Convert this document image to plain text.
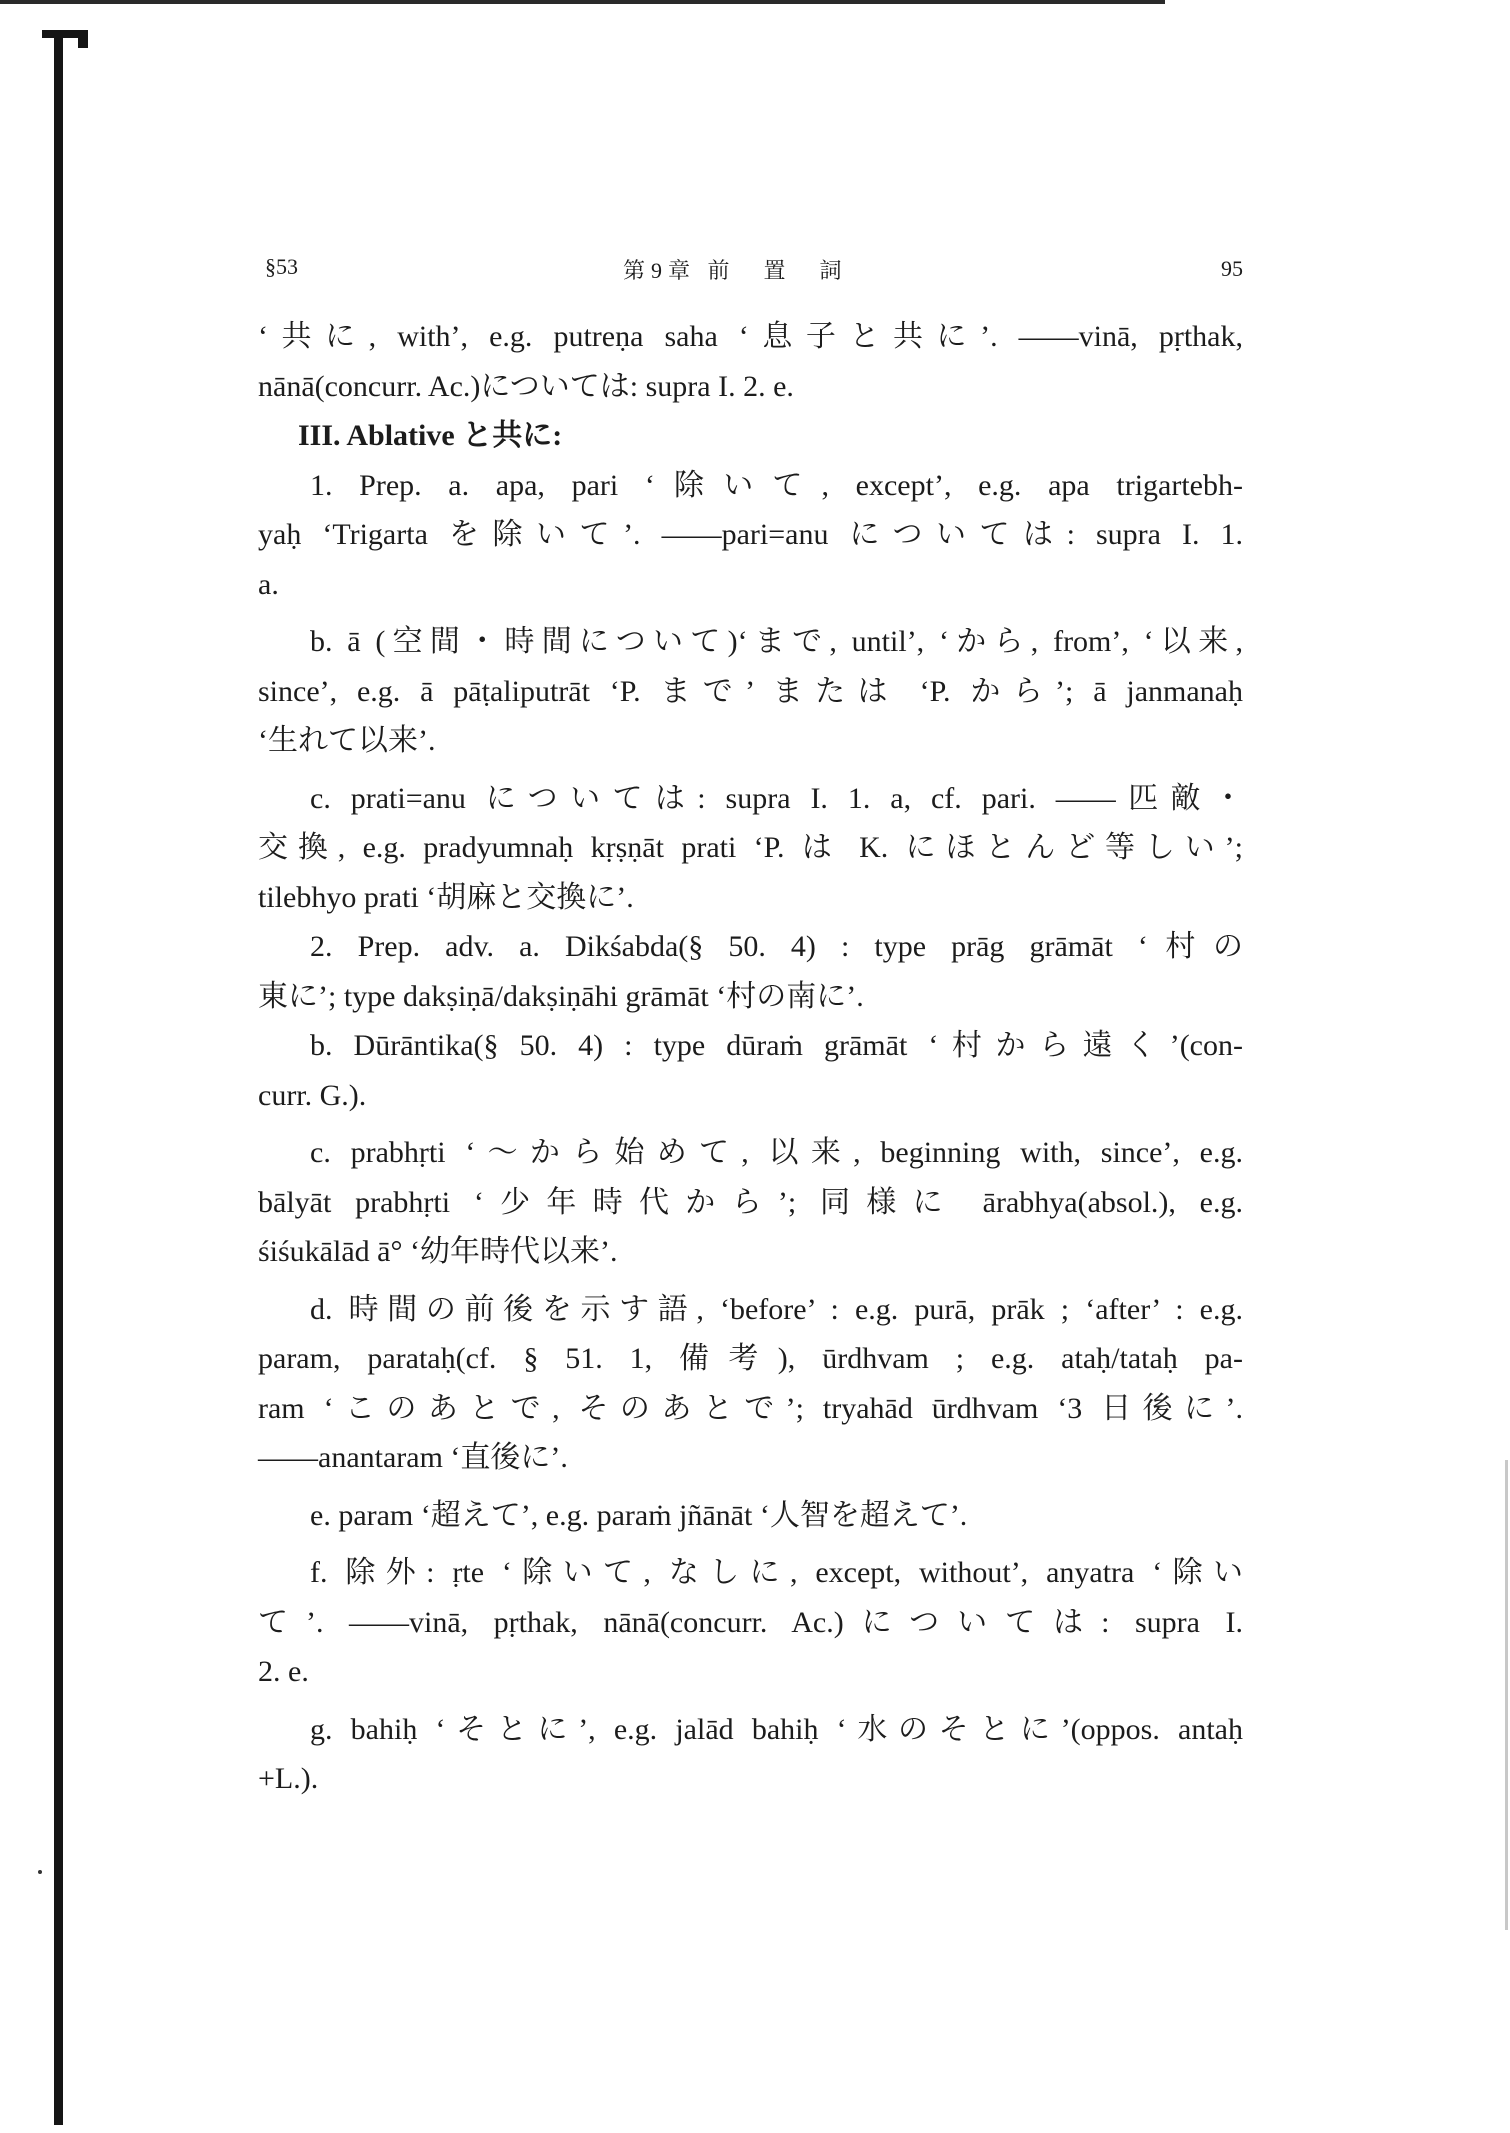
§53	第9章 前　置　詞	95
‘共に, with’, e.g. putreṇa saha ‘息子と共に’. ——vinā, pṛthak,
nānā(concurr. Ac.)については: supra I. 2. e.
III. Ablative と共に:
1. Prep. a. apa, pari ‘除いて, except’, e.g. apa trigartebh-
yaḥ ‘Trigarta を除いて’. ——pari=anu については: supra I. 1.
a.
b. ā (空間・時間について)‘まで, until’, ‘から, from’, ‘以来,
since’, e.g. ā pāṭaliputrāt ‘P. まで’ または ‘P. から’; ā janmanaḥ
‘生れて以来’.
c. prati=anu については: supra I. 1. a, cf. pari. ——匹敵・
交換, e.g. pradyumnaḥ kṛṣṇāt prati ‘P. は K. にほとんど等しい’;
tilebhyo prati ‘胡麻と交換に’.
2. Prep. adv. a. Dikśabda(§ 50. 4) : type prāg grāmāt ‘村の
東に’; type dakṣiṇā/dakṣiṇāhi grāmāt ‘村の南に’.
b. Dūrāntika(§ 50. 4) : type dūraṁ grāmāt ‘村から遠く’(con-
curr. G.).
c. prabhṛti ‘～から始めて, 以来, beginning with, since’, e.g.
bālyāt prabhṛti ‘少年時代から’; 同様に ārabhya(absol.), e.g.
śiśukālād ā° ‘幼年時代以来’.
d. 時間の前後を示す語, ‘before’ : e.g. purā, prāk ; ‘after’ : e.g.
param, parataḥ(cf. § 51. 1, 備考), ūrdhvam ; e.g. ataḥ/tataḥ pa-
ram ‘このあとで, そのあとで’; tryahād ūrdhvam ‘3 日後に’.
——anantaram ‘直後に’.
e. param ‘超えて’, e.g. paraṁ jñānāt ‘人智を超えて’.
f. 除外: ṛte ‘除いて, なしに, except, without’, anyatra ‘除い
て’. ——vinā, pṛthak, nānā(concurr. Ac.)については: supra I.
2. e.
g. bahiḥ ‘そとに’, e.g. jalād bahiḥ ‘水のそとに’(oppos. antaḥ
+L.).
